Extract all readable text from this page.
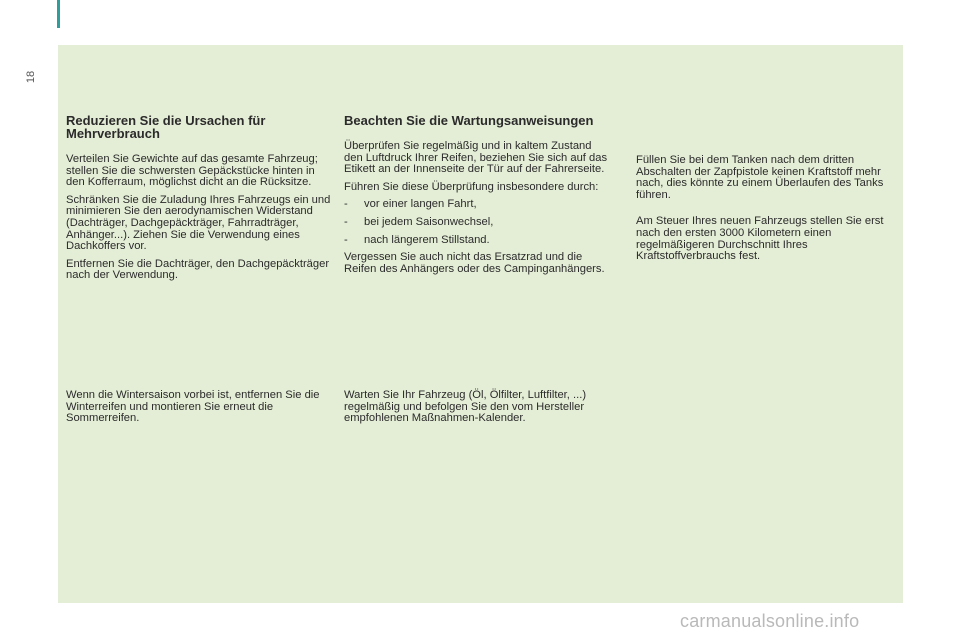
18
Reduzieren Sie die Ursachen für Mehrverbrauch

Verteilen Sie Gewichte auf das gesamte Fahrzeug; stellen Sie die schwersten Gepäckstücke hinten in den Kofferraum, möglichst dicht an die Rücksitze.

Schränken Sie die Zuladung Ihres Fahrzeugs ein und minimieren Sie den aerodynamischen Widerstand (Dachträger, Dachgepäckträger, Fahrradträger, Anhänger...). Ziehen Sie die Verwendung eines Dachkoffers vor.

Entfernen Sie die Dachträger, den Dachgepäckträger nach der Verwendung.

Beachten Sie die Wartungsanweisungen

Überprüfen Sie regelmäßig und in kaltem Zustand den Luftdruck Ihrer Reifen, beziehen Sie sich auf das Etikett an der Innenseite der Tür auf der Fahrerseite.

Führen Sie diese Überprüfung insbesondere durch:

-	vor einer langen Fahrt,
-	bei jedem Saisonwechsel,
-	nach längerem Stillstand.

Vergessen Sie auch nicht das Ersatzrad und die Reifen des Anhängers oder des Campinganhängers.

Füllen Sie bei dem Tanken nach dem dritten Abschalten der Zapfpistole keinen Kraftstoff mehr nach, dies könnte zu einem Überlaufen des Tanks führen.

Am Steuer Ihres neuen Fahrzeugs stellen Sie erst nach den ersten 3000 Kilometern einen regelmäßigeren Durchschnitt Ihres Kraftstoffverbrauchs fest.

Wenn die Wintersaison vorbei ist, entfernen Sie die Winterreifen und montieren Sie erneut die Sommerreifen.

Warten Sie Ihr Fahrzeug (Öl, Ölfilter, Luftfilter, ...) regelmäßig und befolgen Sie den vom Hersteller empfohlenen Maßnahmen-Kalender.

carmanualsonline.info
